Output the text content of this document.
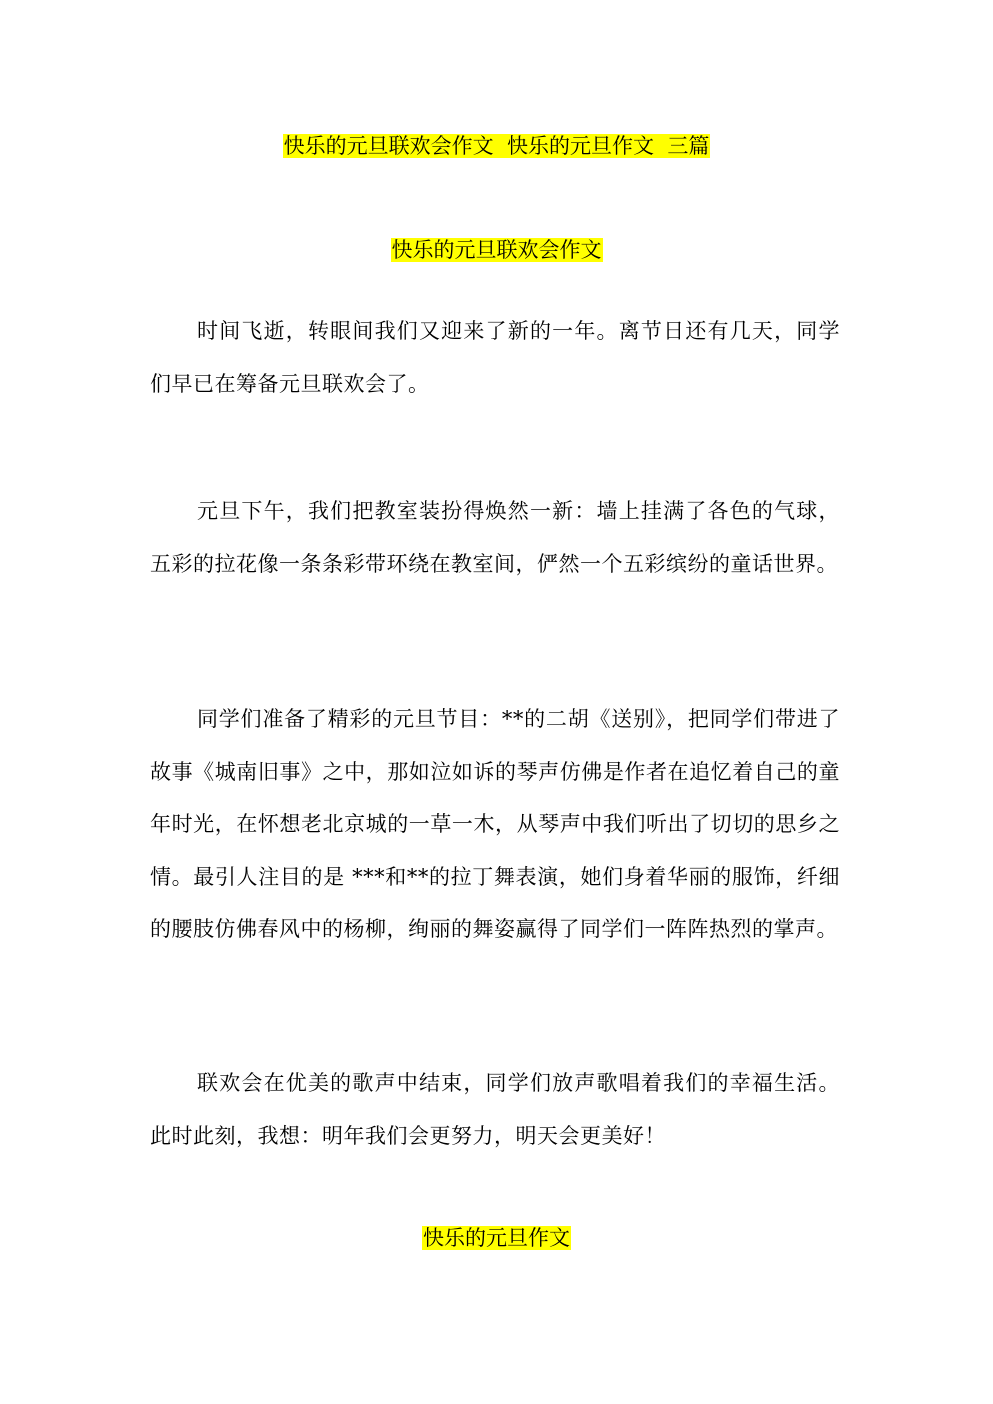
快乐的元旦联欢会作文  快乐的元旦作文  三篇
快乐的元旦联欢会作文

时间飞逝，转眼间我们又迎来了新的一年。离节日还有几天，同学们早已在筹备元旦联欢会了。

元旦下午，我们把教室装扮得焕然一新：墙上挂满了各色的气球，五彩的拉花像一条条彩带环绕在教室间，俨然一个五彩缤纷的童话世界。

同学们准备了精彩的元旦节目：**的二胡《送别》，把同学们带进了故事《城南旧事》之中，那如泣如诉的琴声仿佛是作者在追忆着自己的童年时光，在怀想老北京城的一草一木，从琴声中我们听出了切切的思乡之情。最引人注目的是 ***和**的拉丁舞表演，她们身着华丽的服饰，纤细的腰肢仿佛春风中的杨柳，绚丽的舞姿赢得了同学们一阵阵热烈的掌声。

联欢会在优美的歌声中结束，同学们放声歌唱着我们的幸福生活。此时此刻，我想：明年我们会更努力，明天会更美好！

快乐的元旦作文
